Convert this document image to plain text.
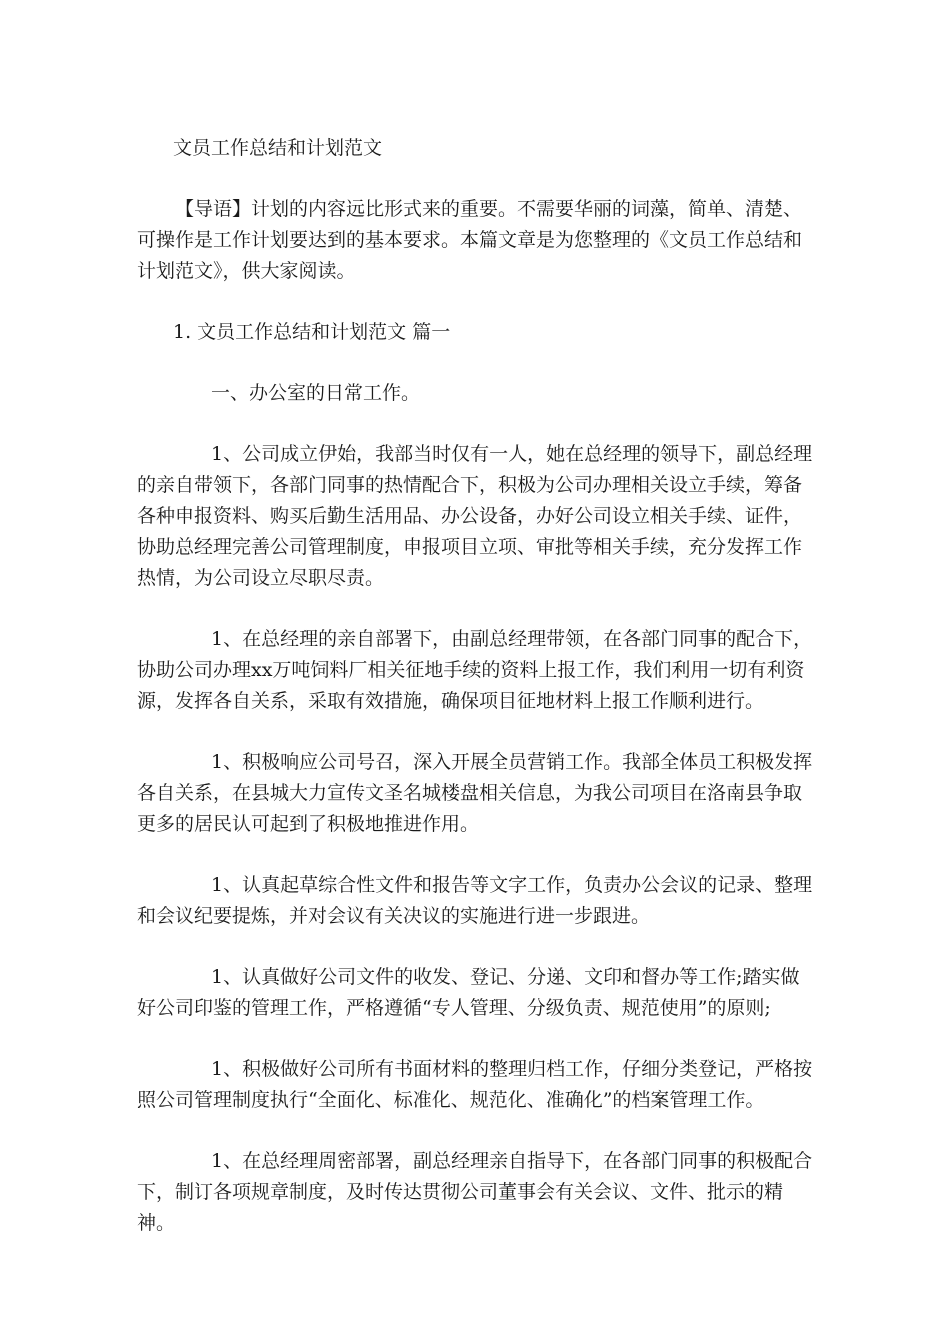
文员工作总结和计划范文

【导语】计划的内容远比形式来的重要。不需要华丽的词藻，简单、清楚、可操作是工作计划要达到的基本要求。本篇文章是为您整理的《文员工作总结和计划范文》，供大家阅读。

1. 文员工作总结和计划范文 篇一

一、办公室的日常工作。

1、公司成立伊始，我部当时仅有一人，她在总经理的领导下，副总经理的亲自带领下，各部门同事的热情配合下，积极为公司办理相关设立手续，筹备各种申报资料、购买后勤生活用品、办公设备，办好公司设立相关手续、证件，协助总经理完善公司管理制度，申报项目立项、审批等相关手续，充分发挥工作热情，为公司设立尽职尽责。

1、在总经理的亲自部署下，由副总经理带领，在各部门同事的配合下，协助公司办理xx万吨饲料厂相关征地手续的资料上报工作，我们利用一切有利资源，发挥各自关系，采取有效措施，确保项目征地材料上报工作顺利进行。

1、积极响应公司号召，深入开展全员营销工作。我部全体员工积极发挥各自关系，在县城大力宣传文圣名城楼盘相关信息，为我公司项目在洛南县争取更多的居民认可起到了积极地推进作用。

1、认真起草综合性文件和报告等文字工作，负责办公会议的记录、整理和会议纪要提炼，并对会议有关决议的实施进行进一步跟进。

1、认真做好公司文件的收发、登记、分递、文印和督办等工作;踏实做好公司印鉴的管理工作，严格遵循“专人管理、分级负责、规范使用”的原则;

1、积极做好公司所有书面材料的整理归档工作，仔细分类登记，严格按照公司管理制度执行“全面化、标准化、规范化、准确化”的档案管理工作。

1、在总经理周密部署，副总经理亲自指导下，在各部门同事的积极配合下，制订各项规章制度，及时传达贯彻公司董事会有关会议、文件、批示的精神。
